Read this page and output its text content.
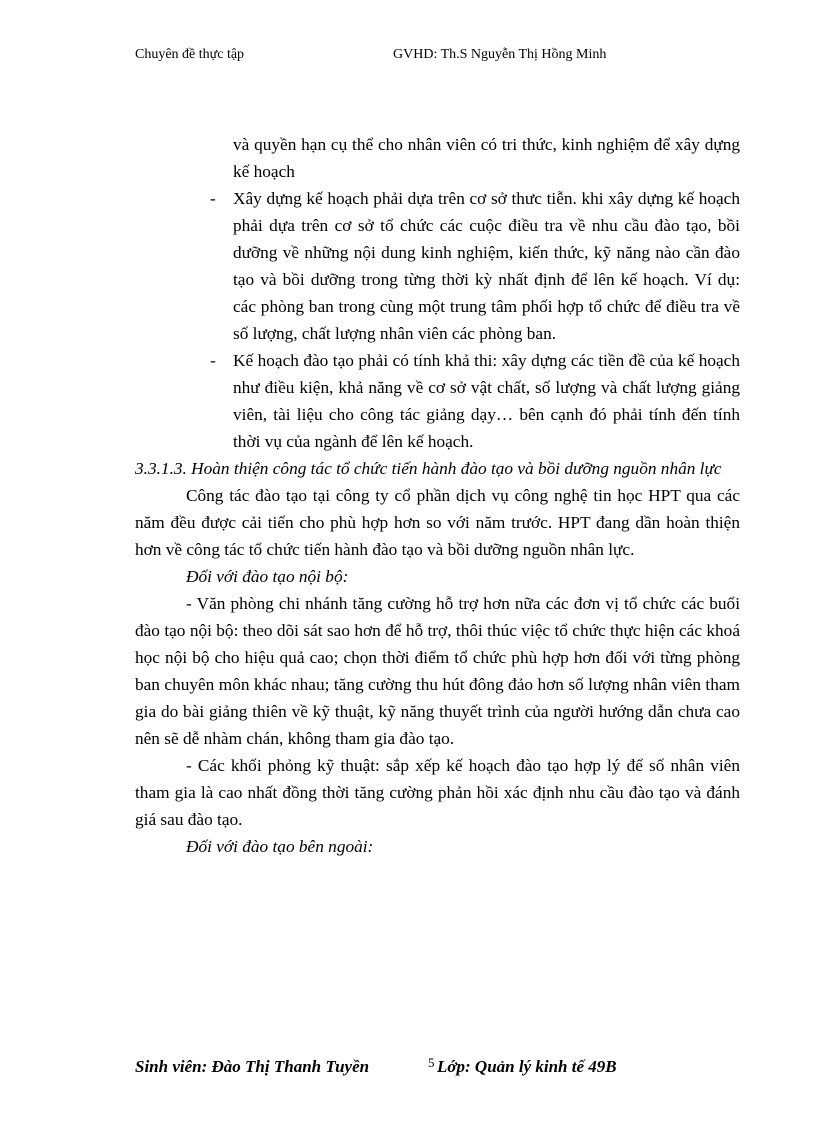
Chuyên đề thực tập	GVHD: Th.S Nguyễn Thị Hồng Minh

và quyền hạn cụ thể cho nhân viên có tri thức, kinh nghiệm để xây dựng kế hoạch

- Xây dựng kế hoạch phải dựa trên cơ sở thưc tiễn. khi xây dựng kế hoạch phải dựa trên cơ sở tổ chức các cuộc điều tra về nhu cầu đào tạo, bồi dưỡng về những nội dung kinh nghiệm, kiến thức, kỹ năng nào cần đào tạo và bồi dưỡng trong từng thời kỳ nhất định để lên kế hoạch. Ví dụ: các phòng ban trong cùng một trung tâm phối hợp tổ chức để điều tra về số lượng, chất lượng nhân viên các phòng ban.

- Kế hoạch đào tạo phải có tính khả thi: xây dựng các tiền đề của kế hoạch như điều kiện, khả năng về cơ sở vật chất, số lượng và chất lượng giảng viên, tài liệu cho công tác giảng dạy… bên cạnh đó phải tính đến tính thời vụ của ngành để lên kế hoạch.

3.3.1.3. Hoàn thiện công tác tổ chức tiến hành đào tạo và bồi dưỡng nguồn nhân lực

Công tác đào tạo tại công ty cổ phần dịch vụ công nghệ tin học HPT qua các năm đều được cải tiến cho phù hợp hơn so với năm trước. HPT đang dần hoàn thiện hơn về công tác tổ chức tiến hành đào tạo và bồi dưỡng nguồn nhân lực.

Đối với đào tạo nội bộ:

- Văn phòng chi nhánh tăng cường hỗ trợ hơn nữa các đơn vị tổ chức các buổi đào tạo nội bộ: theo dõi sát sao hơn để hỗ trợ, thôi thúc việc tổ chức thực hiện các khoá học nội bộ cho hiệu quả cao; chọn thời điểm tổ chức phù hợp hơn đối với từng phòng ban chuyên môn khác nhau; tăng cường thu hút đông đảo hơn số lượng nhân viên tham gia do bài giảng thiên về kỹ thuật, kỹ năng thuyết trình của người hướng dẫn chưa cao nên sẽ dễ nhàm chán, không tham gia đào tạo.

- Các khối phỏng kỹ thuật: sắp xếp kế hoạch đào tạo hợp lý để số nhân viên tham gia là cao nhất đồng thời tăng cường phản hồi xác định nhu cầu đào tạo và đánh giá sau đào tạo.

Đối với đào tạo bên ngoài:

Sinh viên: Đào Thị Thanh Tuyền	5 Lớp: Quản lý kinh tế 49B
